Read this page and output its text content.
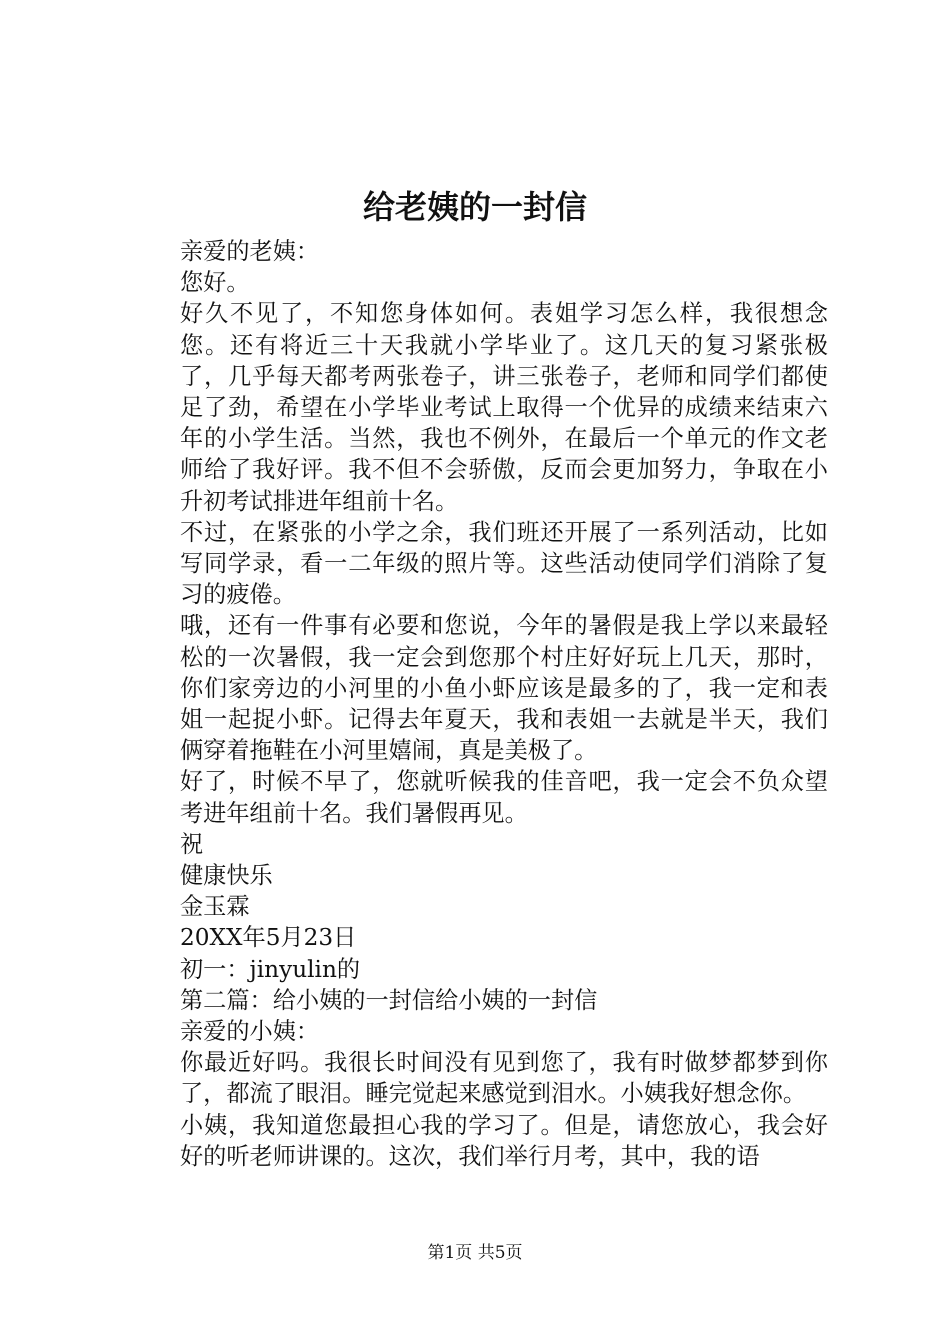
给老姨的一封信
亲爱的老姨：
您好。
好久不见了，不知您身体如何。表姐学习怎么样，我很想念您。还有将近三十天我就小学毕业了。这几天的复习紧张极了，几乎每天都考两张卷子，讲三张卷子，老师和同学们都使足了劲，希望在小学毕业考试上取得一个优异的成绩来结束六年的小学生活。当然，我也不例外，在最后一个单元的作文老师给了我好评。我不但不会骄傲，反而会更加努力，争取在小升初考试排进年组前十名。
不过，在紧张的小学之余，我们班还开展了一系列活动，比如写同学录，看一二年级的照片等。这些活动使同学们消除了复习的疲倦。
哦，还有一件事有必要和您说，今年的暑假是我上学以来最轻松的一次暑假，我一定会到您那个村庄好好玩上几天，那时，你们家旁边的小河里的小鱼小虾应该是最多的了，我一定和表姐一起捉小虾。记得去年夏天，我和表姐一去就是半天，我们俩穿着拖鞋在小河里嬉闹，真是美极了。
好了，时候不早了，您就听候我的佳音吧，我一定会不负众望考进年组前十名。我们暑假再见。
祝
健康快乐
金玉霖
20XX年5月23日
初一：jinyulin的
第二篇：给小姨的一封信给小姨的一封信
亲爱的小姨：
你最近好吗。我很长时间没有见到您了，我有时做梦都梦到你了，都流了眼泪。睡完觉起来感觉到泪水。小姨我好想念你。
小姨，我知道您最担心我的学习了。但是，请您放心，我会好好的听老师讲课的。这次，我们举行月考，其中，我的语
第1页 共5页
